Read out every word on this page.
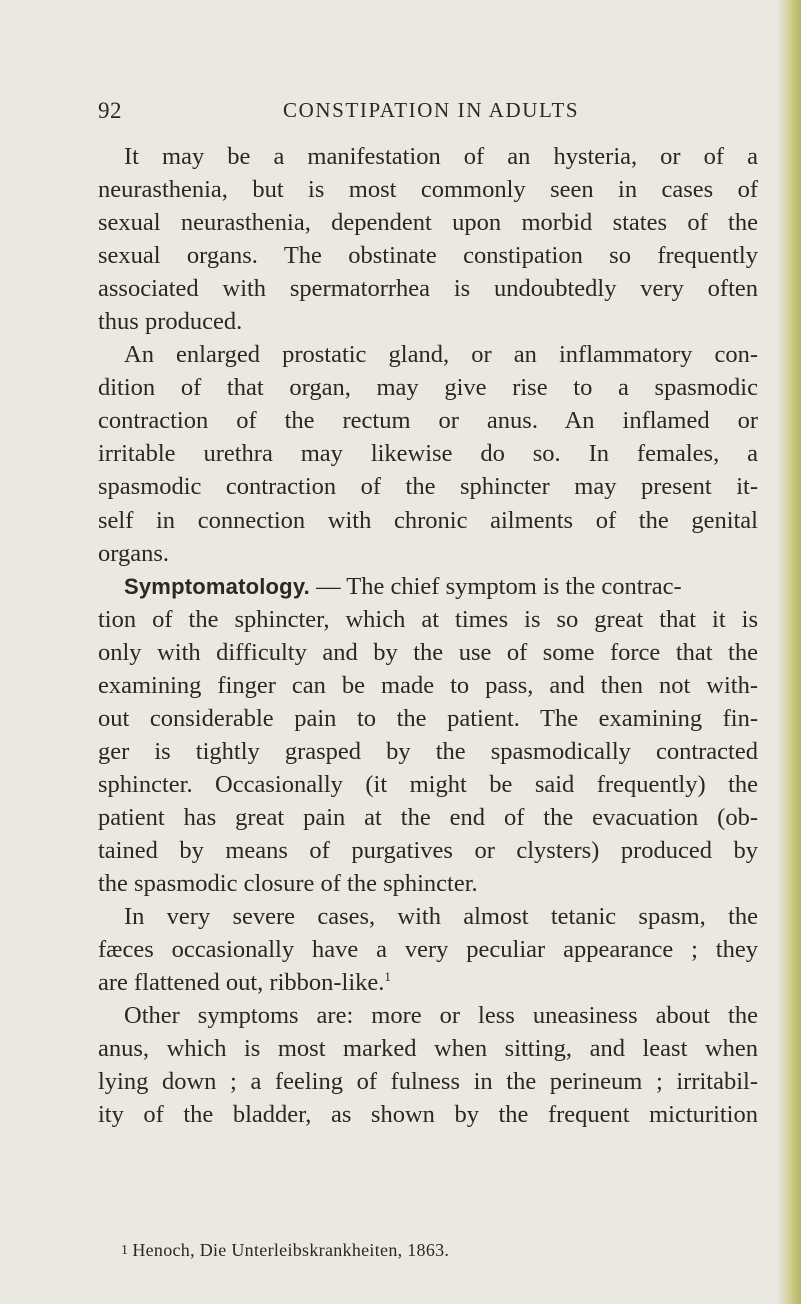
92	CONSTIPATION IN ADULTS
It may be a manifestation of an hysteria, or of a
neurasthenia, but is most commonly seen in cases of
sexual neurasthenia, dependent upon morbid states of the
sexual organs. The obstinate constipation so frequently
associated with spermatorrhea is undoubtedly very often
thus produced.
An enlarged prostatic gland, or an inflammatory con-
dition of that organ, may give rise to a spasmodic
contraction of the rectum or anus. An inflamed or
irritable urethra may likewise do so. In females, a
spasmodic contraction of the sphincter may present it-
self in connection with chronic ailments of the genital
organs.
Symptomatology. — The chief symptom is the contrac-
tion of the sphincter, which at times is so great that it is
only with difficulty and by the use of some force that the
examining finger can be made to pass, and then not with-
out considerable pain to the patient. The examining fin-
ger is tightly grasped by the spasmodically contracted
sphincter. Occasionally (it might be said frequently) the
patient has great pain at the end of the evacuation (ob-
tained by means of purgatives or clysters) produced by
the spasmodic closure of the sphincter.
In very severe cases, with almost tetanic spasm, the
fæces occasionally have a very peculiar appearance ; they
are flattened out, ribbon-like.$^1$
Other symptoms are: more or less uneasiness about the
anus, which is most marked when sitting, and least when
lying down ; a feeling of fulness in the perineum ; irritabil-
ity of the bladder, as shown by the frequent micturition
1 Henoch, Die Unterleibskrankheiten, 1863.
